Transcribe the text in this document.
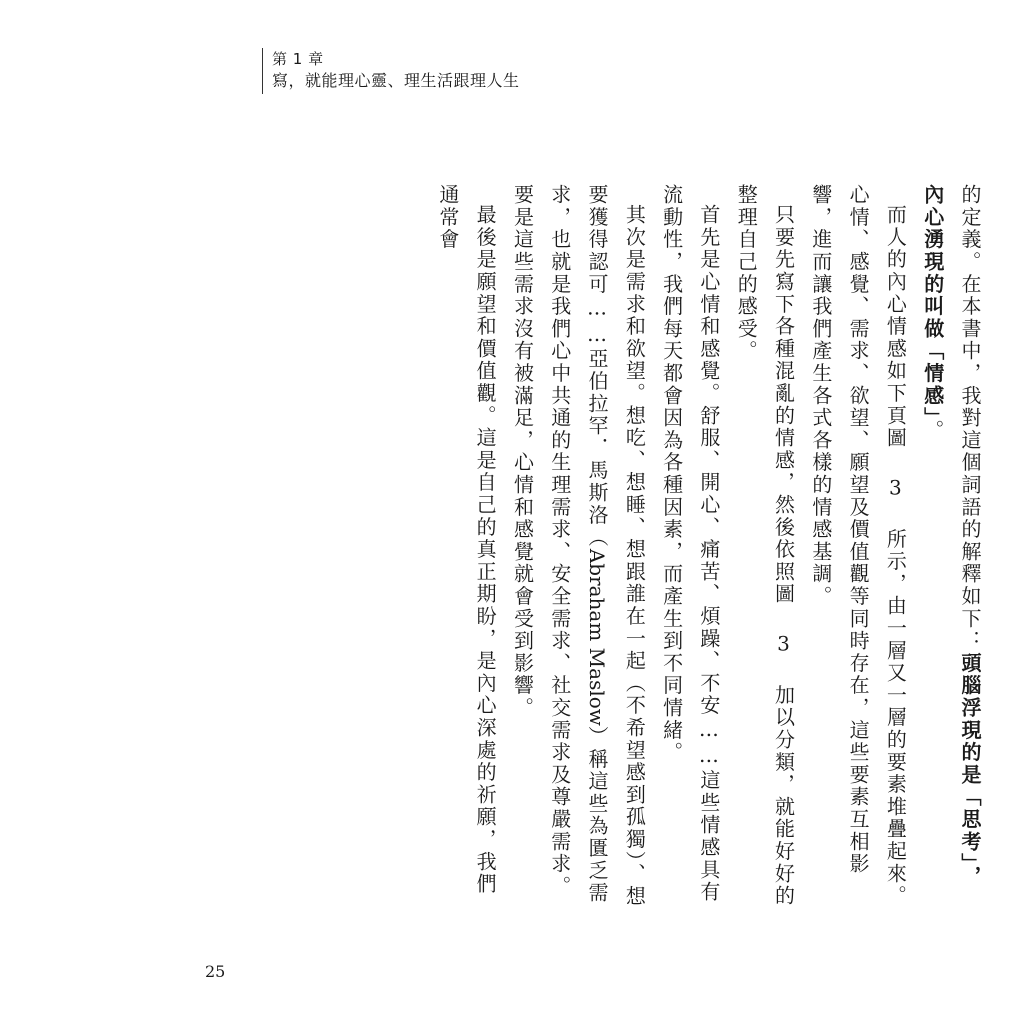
第 1 章
寫，就能理心靈、理生活跟理人生

的定義。在本書中，我對這個詞語的解釋如下：頭腦浮現的是「思考」，內心湧現的叫做「情感」。

而人的內心情感如下頁圖 3 所示，由一層又一層的要素堆疊起來。心情、感覺、需求、欲望、願望及價值觀等同時存在，這些要素互相影響，進而讓我們產生各式各樣的情感基調。

只要先寫下各種混亂的情感，然後依照圖 3 加以分類，就能好好的整理自己的感受。

首先是心情和感覺。舒服、開心、痛苦、煩躁、不安……這些情感具有流動性，我們每天都會因為各種因素，而產生到不同情緒。

其次是需求和欲望。想吃、想睡、想跟誰在一起（不希望感到孤獨）、想要獲得認可……亞伯拉罕．馬斯洛（Abraham Maslow）稱這些為匱乏需求，也就是我們心中共通的生理需求、安全需求、社交需求及尊嚴需求。要是這些需求沒有被滿足，心情和感覺就會受到影響。

最後是願望和價值觀。這是自己的真正期盼，是內心深處的祈願，我們通常會

25
